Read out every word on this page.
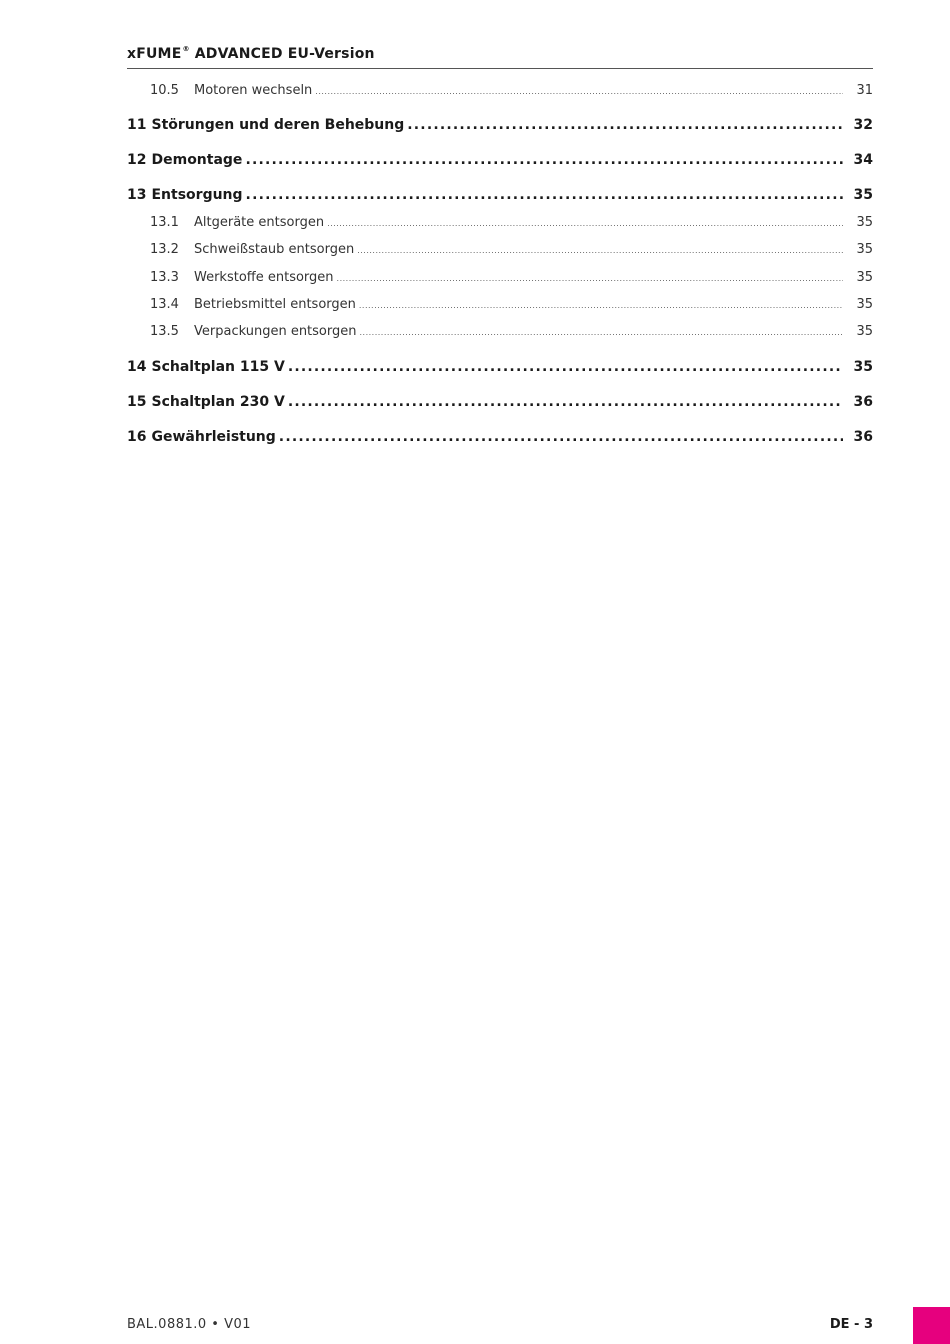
xFUME® ADVANCED EU-Version
10.5	Motoren wechseln .....	31
11 Störungen und deren Behebung .....	32
12 Demontage .....	34
13 Entsorgung .....	35
13.1	Altgeräte entsorgen .....	35
13.2	Schweißstaub entsorgen .....	35
13.3	Werkstoffe entsorgen .....	35
13.4	Betriebsmittel entsorgen .....	35
13.5	Verpackungen entsorgen .....	35
14 Schaltplan 115 V .....	35
15 Schaltplan 230 V .....	36
16 Gewährleistung .....	36
BAL.0881.0 • V01	DE - 3
